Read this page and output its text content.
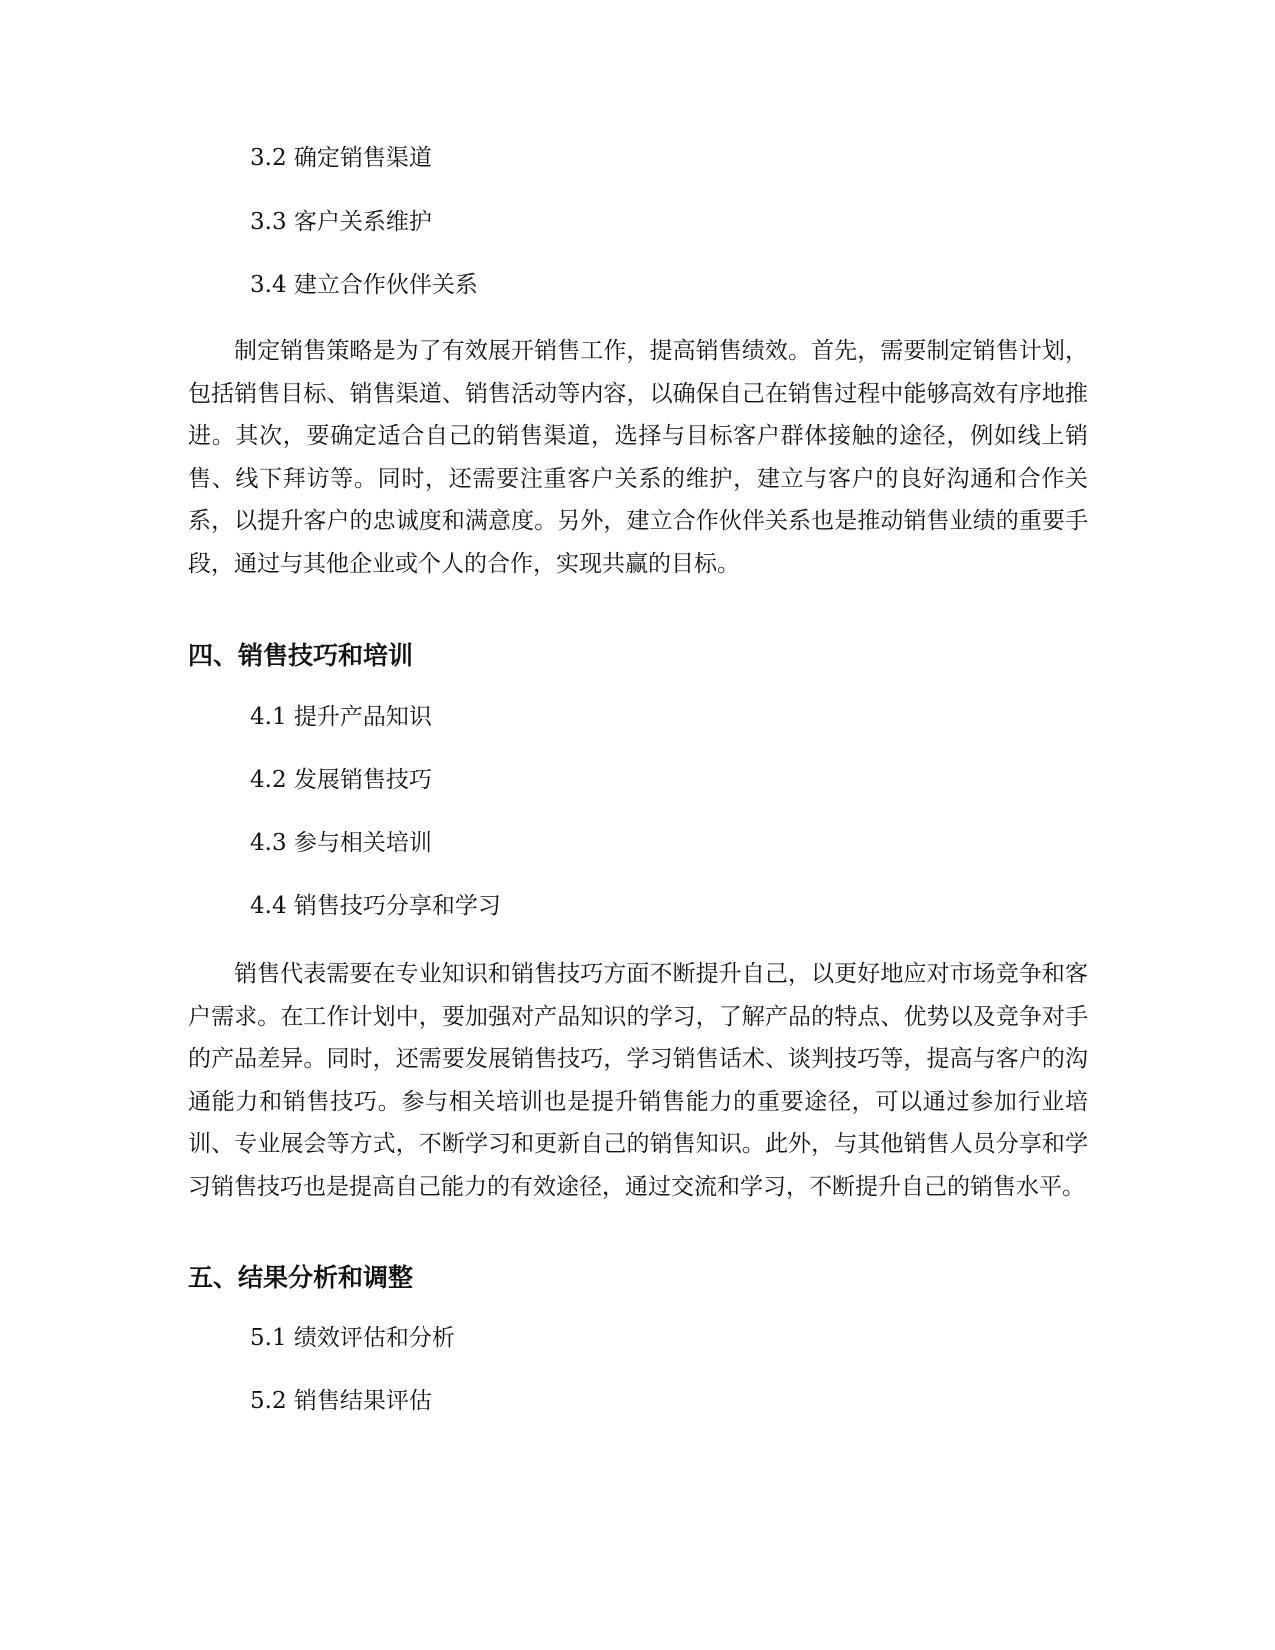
3.2 确定销售渠道
3.3 客户关系维护
3.4 建立合作伙伴关系

制定销售策略是为了有效展开销售工作，提高销售绩效。首先，需要制定销售计划，包括销售目标、销售渠道、销售活动等内容，以确保自己在销售过程中能够高效有序地推进。其次，要确定适合自己的销售渠道，选择与目标客户群体接触的途径，例如线上销售、线下拜访等。同时，还需要注重客户关系的维护，建立与客户的良好沟通和合作关系，以提升客户的忠诚度和满意度。另外，建立合作伙伴关系也是推动销售业绩的重要手段，通过与其他企业或个人的合作，实现共赢的目标。

四、销售技巧和培训
4.1 提升产品知识
4.2 发展销售技巧
4.3 参与相关培训
4.4 销售技巧分享和学习

销售代表需要在专业知识和销售技巧方面不断提升自己，以更好地应对市场竞争和客户需求。在工作计划中，要加强对产品知识的学习，了解产品的特点、优势以及竞争对手的产品差异。同时，还需要发展销售技巧，学习销售话术、谈判技巧等，提高与客户的沟通能力和销售技巧。参与相关培训也是提升销售能力的重要途径，可以通过参加行业培训、专业展会等方式，不断学习和更新自己的销售知识。此外，与其他销售人员分享和学习销售技巧也是提高自己能力的有效途径，通过交流和学习，不断提升自己的销售水平。

五、结果分析和调整
5.1 绩效评估和分析
5.2 销售结果评估
